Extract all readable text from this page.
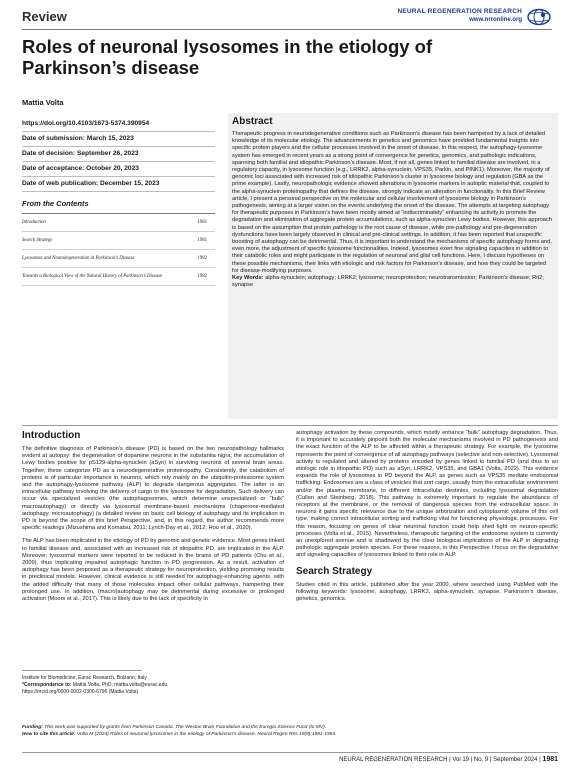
Review	NEURAL REGENERATION RESEARCH
www.nrronline.org
Roles of neuronal lysosomes in the etiology of Parkinson’s disease
Mattia Volta
https://doi.org/10.4103/1673-5374.390954
Date of submission: March 15, 2023
Date of decision: September 26, 2023
Date of acceptance: October 20, 2023
Date of web publication: December 15, 2023
From the Contents
Introduction	1981
Search Strategy	1981
Lysosomes and Neurodegeneration in Parkinson’s Disease	1982
Towards a Biological View of the Natural History of Parkinson’s Disease	1982
Abstract
Therapeutic progress in neurodegenerative conditions such as Parkinson’s disease has been hampered by a lack of detailed knowledge of its molecular etiology. The advancements in genetics and genomics have provided fundamental insights into specific protein players and the cellular processes involved in the onset of disease. In this respect, the autophagy-lysosome system has emerged in recent years as a strong point of convergence for genetics, genomics, and pathologic indications, spanning both familial and idiopathic Parkinson’s disease. Most, if not all, genes linked to familial disease are involved, in a regulatory capacity, in lysosome function (e.g., LRRK2, alpha-synuclein, VPS35, Parkin, and PINK1). Moreover, the majority of genomic loci associated with increased risk of idiopathic Parkinson’s cluster in lysosome biology and regulation (GBA as the prime example). Lastly, neuropathologic evidence showed alterations in lysosome markers in autoptic material that, coupled to the alpha-synuclein proteinopathy that defines the disease, strongly indicate an alteration in functionality. In this Brief Review article, I present a personal perspective on the molecular and cellular involvement of lysosome biology in Parkinson’s pathogenesis, aiming at a larger vision on the events underlying the onset of the disease. The attempts at targeting autophagy for therapeutic purposes in Parkinson’s have been mostly aimed at “indiscriminately” enhancing its activity to promote the degradation and elimination of aggregate protein accumulations, such as alpha-synuclein Lewy bodies. However, this approach is based on the assumption that protein pathology is the root cause of disease, while pre-pathology and pre-degeneration dysfunctions have been largely observed in clinical and pre-clinical settings. In addition, it has been reported that unspecific boosting of autophagy can be detrimental. Thus, it is important to understand the mechanisms of specific autophagy forms and, even more, the adjustment of specific lysosome functionalities. Indeed, lysosomes exert fine signaling capacities in addition to their catabolic roles and might participate in the regulation of neuronal and glial cell functions. Here, I discuss hypotheses on these possible mechanisms, their links with etiologic and risk factors for Parkinson’s disease, and how they could be targeted for disease-modifying purposes.
Key Words: alpha-synuclein; autophagy; LRRK2; lysosome; neuroprotection; neurotransmission; Parkinson’s disease; Rit2; synapse
Introduction

The definitive diagnosis of Parkinson’s disease (PD) is based on the two neuropathology hallmarks evident at autopsy: the degeneration of dopamine neurons in the substantia nigra; the accumulation of Lewy bodies positive for pS129-alpha-synuclein (aSyn) in surviving neurons of several brain areas. Together, these categorize PD as a neurodegenerative proteinopathy. Consistently, the catabolism of proteins is of particular importance in neurons, which rely mainly on the ubiquitin-proteasome system and the autophagy-lysosome pathway (ALP) to degrade dangerous aggregates. The latter is an intracellular pathway involving the delivery of cargo to the lysosome for degradation. Such delivery can occur via specialized vesicles (the autophagosomes, which determine unspecialized or “bulk” macroautophagy) or directly via lysosomal membrane-based mechanisms (chaperone-mediated autophagy, microautophagy) (a detailed review on basic cell biology of autophagy and its implication in PD is beyond the scope of this brief Perspective, and, in this regard, the author recommends more specific readings (Mizushima and Komatsu, 2011; Lynch-Day et al., 2012; Hou et al., 2020).

The ALP has been implicated in the etiology of PD by genomic and genetic evidence. Most genes linked to familial disease and, associated with an increased risk of idiopathic PD, are implicated in the ALP. Moreover, lysosomal markers were reported to be reduced in the brains of PD patients (Chu et al., 2009), thus implicating impaired autophagic function in PD progression. As a result, activation of autophagy has been proposed as a therapeutic strategy for neuroprotection, yielding promising results in preclinical models. However, clinical evidence is still needed for autophagy-enhancing agents, with the added difficulty that many of those molecules impact other cellular pathways, hampering their prolonged use. In addition, (macro)autophagy may be detrimental during excessive or prolonged activation (Moors et al., 2017). This is likely due to the lack of specificity in

autophagy activation by these compounds, which mostly enhance “bulk” autophagy degradation. Thus, it is important to accurately pinpoint both the molecular mechanisms involved in PD pathogenesis and the exact function of the ALP to be affected within a therapeutic strategy. For example, the lysosome represents the point of convergence of all autophagy pathways (selective and non-selective). Lysosomal activity is regulated and altered by proteins encoded by genes linked to familial PD (and thus to an etiologic role in idiopathic PD) such as aSyn, LRRK2, VPS35, and GBA1 (Volta, 2022). This evidence expands the role of lysosomes in PD beyond the ALP, as genes such as VPS35 mediate endosomal trafficking. Endosomes are a class of vesicles that sort cargo, usually from the extracellular environment and/or the plasma membrane, to different intracellular destinies, including lysosomal degradation (Cullen and Steinberg, 2018). This pathway is extremely important to regulate the abundance of receptors at the membrane, or the removal of dangerous species from the extracellular space. In neurons it gains specific relevance due to the unique arborization and cytoplasmic volume of this cell type, making correct intracellular sorting and trafficking vital for functioning physiologic processes. For this reason, focusing on genes of clear neuronal function could help shed light on neuron-specific processes (Volta et al., 2015). Nevertheless, therapeutic targeting of the endosome system is currently an unexplored avenue and is shadowed by the clear biological implications of the ALP in degrading pathologic aggregate protein species. For these reasons, in this Perspective I focus on the degradative and signaling capacities of lysosomes linked to their role in ALP.

Search Strategy

Studies cited in this article, published after the year 2000, where searched using PubMed with the following keywords: lysosome, autophagy, LRRK2, alpha-synuclein, synapse, Parkinson’s disease, genetics, genomics.

Institute for Biomedicine, Eurac Research, Bolzano, Italy
*Correspondence to: Mattia Volta, PhD, mattia.volta@eurac.edu.
https://orcid.org/0000-0002-0300-6796 (Mattia Volta)
Funding: This work was supported by grants from Parkinson Canada, The Weston Brain Foundation and the Euregio Science Fund (to MV).
How to cite this article: Volta M (2024) Roles of neuronal lysosomes in the etiology of Parkinson’s disease. Neural Regen Res 19(9):1981-1983.
NEURAL REGENERATION RESEARCH | Vol 19 | No. 9 | September 2024 | 1981
